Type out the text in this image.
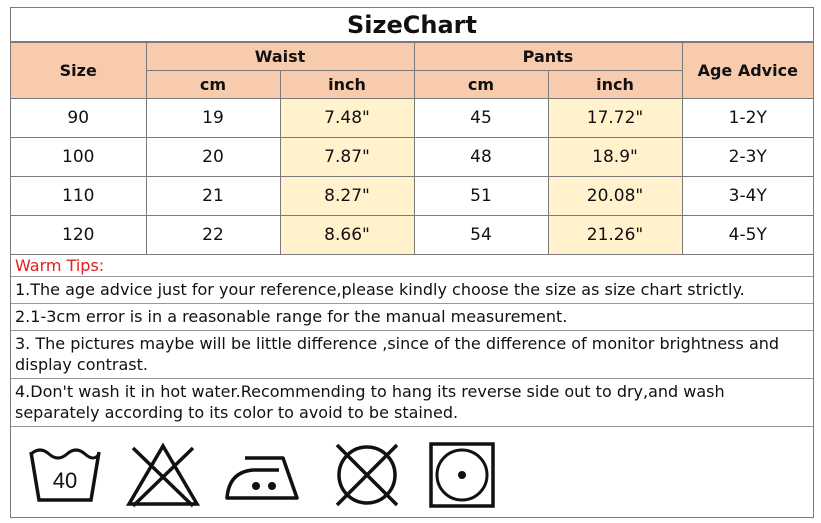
SizeChart
Size	Waist		Pants		Age Advice
	cm	inch	cm	inch	
90	19	7.48"	45	17.72"	1-2Y
100	20	7.87"	48	18.9"	2-3Y
110	21	8.27"	51	20.08"	3-4Y
120	22	8.66"	54	21.26"	4-5Y
Warm Tips:
1.The age advice just for your reference,please kindly choose the size as size chart strictly.
2.1-3cm error is in a reasonable range for the manual measurement.
3. The pictures maybe will be little difference ,since of the difference of monitor brightness and display contrast.
4.Don't wash it in hot water.Recommending to hang its reverse side out to dry,and wash separately according to its color to avoid to be stained.
40
